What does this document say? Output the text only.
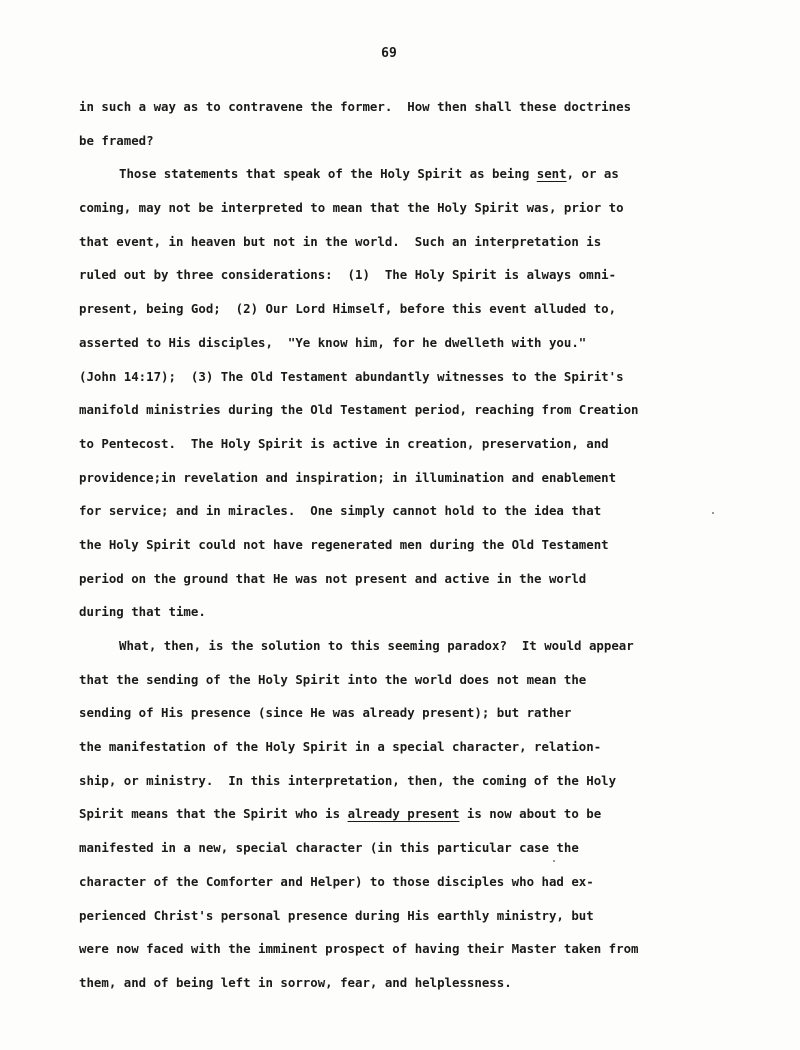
69
in such a way as to contravene the former.  How then shall these doctrines
be framed?
Those statements that speak of the Holy Spirit as being sent, or as
coming, may not be interpreted to mean that the Holy Spirit was, prior to
that event, in heaven but not in the world.  Such an interpretation is
ruled out by three considerations:  (1)  The Holy Spirit is always omni-
present, being God;  (2) Our Lord Himself, before this event alluded to,
asserted to His disciples,  "Ye know him, for he dwelleth with you."
(John 14:17);  (3) The Old Testament abundantly witnesses to the Spirit's
manifold ministries during the Old Testament period, reaching from Creation
to Pentecost.  The Holy Spirit is active in creation, preservation, and
providence;in revelation and inspiration; in illumination and enablement
for service; and in miracles.  One simply cannot hold to the idea that
the Holy Spirit could not have regenerated men during the Old Testament
period on the ground that He was not present and active in the world
during that time.
What, then, is the solution to this seeming paradox?  It would appear
that the sending of the Holy Spirit into the world does not mean the
sending of His presence (since He was already present); but rather
the manifestation of the Holy Spirit in a special character, relation-
ship, or ministry.  In this interpretation, then, the coming of the Holy
Spirit means that the Spirit who is already present is now about to be
manifested in a new, special character (in this particular case the
character of the Comforter and Helper) to those disciples who had ex-
perienced Christ's personal presence during His earthly ministry, but
were now faced with the imminent prospect of having their Master taken from
them, and of being left in sorrow, fear, and helplessness.
